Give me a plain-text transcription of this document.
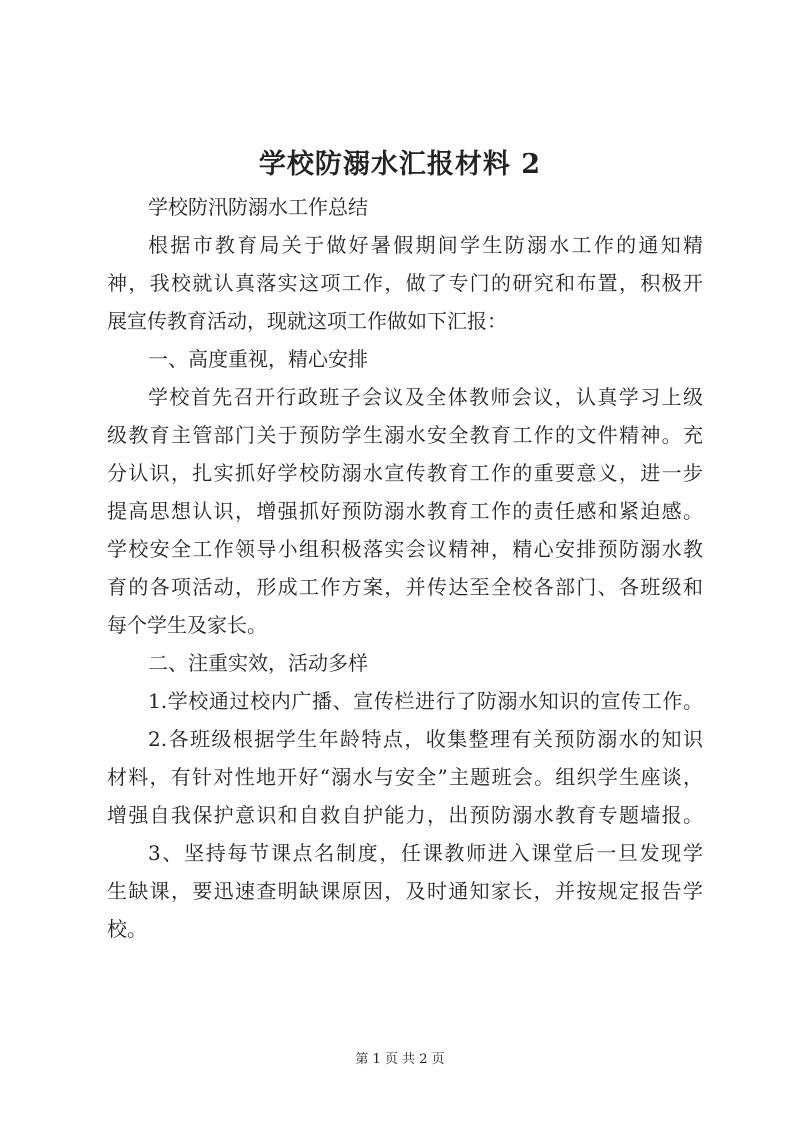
学校防溺水汇报材料 2
学校防汛防溺水工作总结
根据市教育局关于做好暑假期间学生防溺水工作的通知精
神，我校就认真落实这项工作，做了专门的研究和布置，积极开
展宣传教育活动，现就这项工作做如下汇报：
一、高度重视，精心安排
学校首先召开行政班子会议及全体教师会议，认真学习上级
级教育主管部门关于预防学生溺水安全教育工作的文件精神。充
分认识，扎实抓好学校防溺水宣传教育工作的重要意义，进一步
提高思想认识，增强抓好预防溺水教育工作的责任感和紧迫感。
学校安全工作领导小组积极落实会议精神，精心安排预防溺水教
育的各项活动，形成工作方案，并传达至全校各部门、各班级和
每个学生及家长。
二、注重实效，活动多样
1.学校通过校内广播、宣传栏进行了防溺水知识的宣传工作。
2.各班级根据学生年龄特点，收集整理有关预防溺水的知识
材料，有针对性地开好“溺水与安全”主题班会。组织学生座谈，
增强自我保护意识和自救自护能力，出预防溺水教育专题墙报。
3、坚持每节课点名制度，任课教师进入课堂后一旦发现学
生缺课，要迅速查明缺课原因，及时通知家长，并按规定报告学
校。
第 1 页 共 2 页
